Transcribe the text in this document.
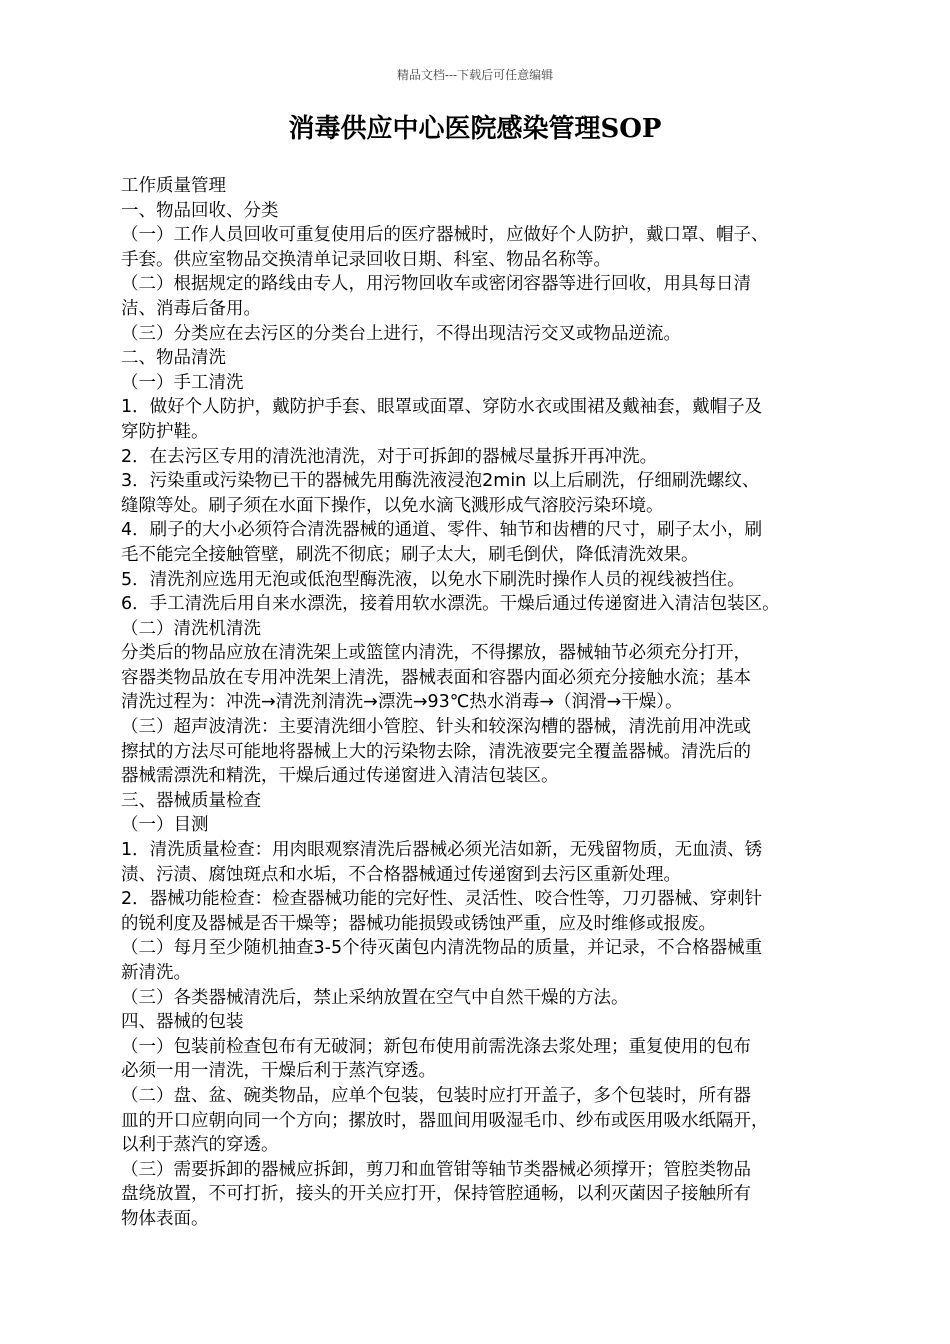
精品文档---下载后可任意编辑
消毒供应中心医院感染管理SOP
工作质量管理
一、物品回收、分类
（一）工作人员回收可重复使用后的医疗器械时，应做好个人防护，戴口罩、帽子、
手套。供应室物品交换清单记录回收日期、科室、物品名称等。
（二）根据规定的路线由专人，用污物回收车或密闭容器等进行回收，用具每日清
洁、消毒后备用。
（三）分类应在去污区的分类台上进行，不得出现洁污交叉或物品逆流。
二、物品清洗
（一）手工清洗
1．做好个人防护，戴防护手套、眼罩或面罩、穿防水衣或围裙及戴袖套，戴帽子及
穿防护鞋。
2．在去污区专用的清洗池清洗，对于可拆卸的器械尽量拆开再冲洗。
3．污染重或污染物已干的器械先用酶洗液浸泡2min 以上后刷洗，仔细刷洗螺纹、
缝隙等处。刷子须在水面下操作，以免水滴飞溅形成气溶胶污染环境。
4．刷子的大小必须符合清洗器械的通道、零件、轴节和齿槽的尺寸，刷子太小，刷
毛不能完全接触管壁，刷洗不彻底；刷子太大，刷毛倒伏，降低清洗效果。
5．清洗剂应选用无泡或低泡型酶洗液，以免水下刷洗时操作人员的视线被挡住。
6．手工清洗后用自来水漂洗，接着用软水漂洗。干燥后通过传递窗进入清洁包装区。
（二）清洗机清洗
分类后的物品应放在清洗架上或篮筐内清洗，不得摞放，器械轴节必须充分打开，
容器类物品放在专用冲洗架上清洗，器械表面和容器内面必须充分接触水流；基本
清洗过程为：冲洗→清洗剂清洗→漂洗→93℃热水消毒→（润滑→干燥）。
（三）超声波清洗：主要清洗细小管腔、针头和较深沟槽的器械，清洗前用冲洗或
擦拭的方法尽可能地将器械上大的污染物去除，清洗液要完全覆盖器械。清洗后的
器械需漂洗和精洗，干燥后通过传递窗进入清洁包装区。
三、器械质量检查
（一）目测
1．清洗质量检查：用肉眼观察清洗后器械必须光洁如新，无残留物质，无血渍、锈
渍、污渍、腐蚀斑点和水垢，不合格器械通过传递窗到去污区重新处理。
2．器械功能检查：检查器械功能的完好性、灵活性、咬合性等，刀刃器械、穿刺针
的锐利度及器械是否干燥等；器械功能损毁或锈蚀严重，应及时维修或报废。
（二）每月至少随机抽查3-5个待灭菌包内清洗物品的质量，并记录，不合格器械重
新清洗。
（三）各类器械清洗后，禁止采纳放置在空气中自然干燥的方法。
四、器械的包装
（一）包装前检查包布有无破洞；新包布使用前需洗涤去浆处理；重复使用的包布
必须一用一清洗，干燥后利于蒸汽穿透。
（二）盘、盆、碗类物品，应单个包装，包装时应打开盖子，多个包装时，所有器
皿的开口应朝向同一个方向；摞放时，器皿间用吸湿毛巾、纱布或医用吸水纸隔开，
以利于蒸汽的穿透。
（三）需要拆卸的器械应拆卸，剪刀和血管钳等轴节类器械必须撑开；管腔类物品
盘绕放置，不可打折，接头的开关应打开，保持管腔通畅，以利灭菌因子接触所有
物体表面。
